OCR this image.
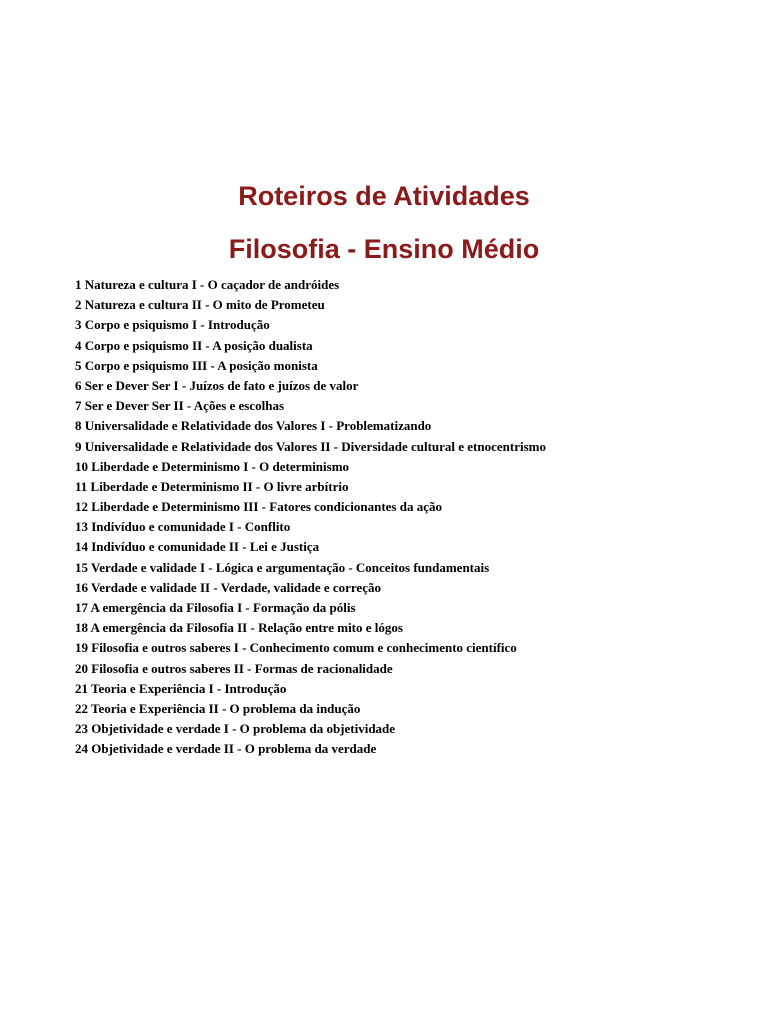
Roteiros de Atividades
Filosofia - Ensino Médio
1 Natureza e cultura I - O caçador de andróides
2 Natureza e cultura II - O mito de Prometeu
3 Corpo e psiquismo I - Introdução
4 Corpo e psiquismo II - A posição dualista
5 Corpo e psiquismo III - A posição monista
6 Ser e Dever Ser I - Juízos de fato e juízos de valor
7 Ser e Dever Ser II - Ações e escolhas
8 Universalidade e Relatividade dos Valores I - Problematizando
9 Universalidade e Relatividade dos Valores II - Diversidade cultural e etnocentrismo
10 Liberdade e Determinismo I - O determinismo
11 Liberdade e Determinismo II - O livre arbítrio
12 Liberdade e Determinismo III - Fatores condicionantes da ação
13 Indivíduo e comunidade I - Conflito
14 Indivíduo e comunidade II - Lei e Justiça
15 Verdade e validade I - Lógica e argumentação - Conceitos fundamentais
16 Verdade e validade II - Verdade, validade e correção
17 A emergência da Filosofia I - Formação da pólis
18 A emergência da Filosofia II - Relação entre mito e lógos
19 Filosofia e outros saberes I - Conhecimento comum e conhecimento científico
20 Filosofia e outros saberes II - Formas de racionalidade
21 Teoria e Experiência I - Introdução
22 Teoria e Experiência II - O problema da indução
23 Objetividade e verdade I - O problema da objetividade
24 Objetividade e verdade II - O problema da verdade
